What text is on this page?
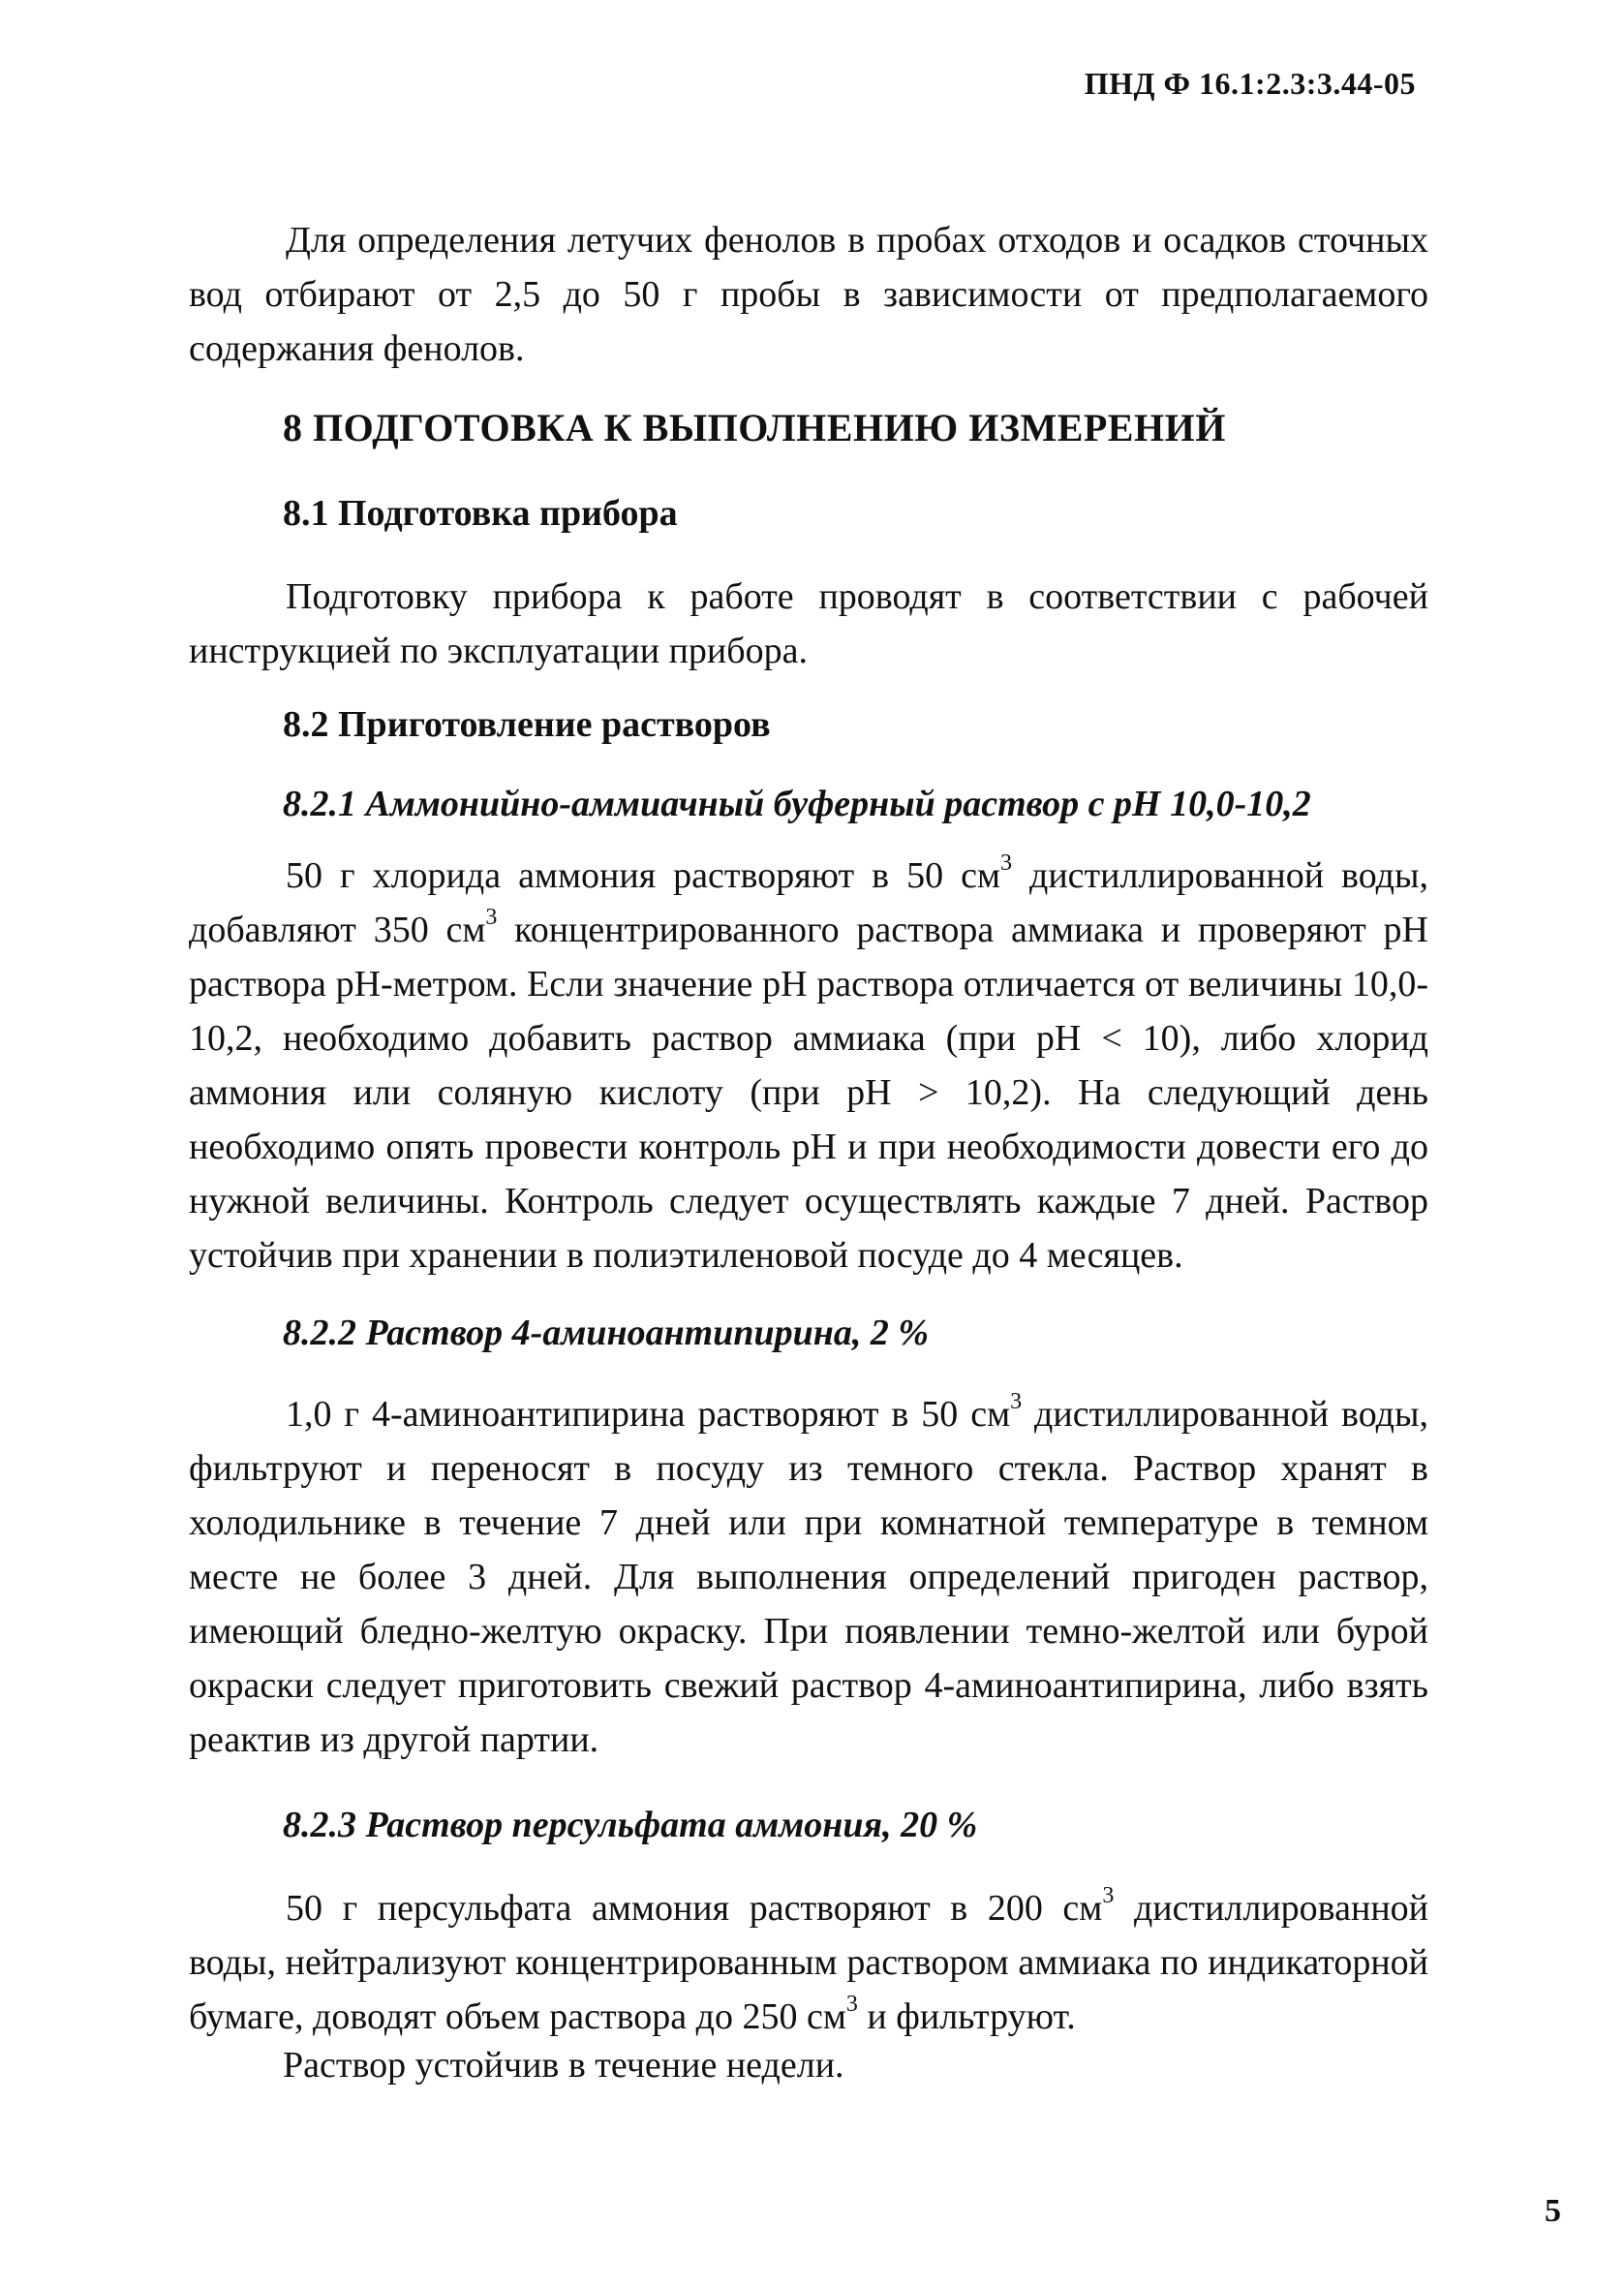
ПНД Ф 16.1:2.3:3.44-05
Для определения летучих фенолов в пробах отходов и осадков сточных вод отбирают от 2,5 до 50 г пробы в зависимости от предполагаемого содержания фенолов.
8 ПОДГОТОВКА К ВЫПОЛНЕНИЮ ИЗМЕРЕНИЙ
8.1 Подготовка прибора
Подготовку прибора к работе проводят в соответствии с рабочей инструкцией по эксплуатации прибора.
8.2 Приготовление растворов
8.2.1 Аммонийно-аммиачный буферный раствор с pH 10,0-10,2
50 г хлорида аммония растворяют в 50 $см^3$ дистиллированной воды, добавляют 350 $см^3$ концентрированного раствора аммиака и проверяют pH раствора pH-метром. Если значение pH раствора отличается от величины 10,0-10,2, необходимо добавить раствор аммиака (при pH < 10), либо хлорид аммония или соляную кислоту (при pH > 10,2). На следующий день необходимо опять провести контроль pH и при необходимости довести его до нужной величины. Контроль следует осуществлять каждые 7 дней. Раствор устойчив при хранении в полиэтиленовой посуде до 4 месяцев.
8.2.2 Раствор 4-аминоантипирина, 2 %
1,0 г 4-аминоантипирина растворяют в 50 $см^3$ дистиллированной воды, фильтруют и переносят в посуду из темного стекла. Раствор хранят в холодильнике в течение 7 дней или при комнатной температуре в темном месте не более 3 дней. Для выполнения определений пригоден раствор, имеющий бледно-желтую окраску. При появлении темно-желтой или бурой окраски следует приготовить свежий раствор 4-аминоантипирина, либо взять реактив из другой партии.
8.2.3 Раствор персульфата аммония, 20 %
50 г персульфата аммония растворяют в 200 $см^3$ дистиллированной воды, нейтрализуют концентрированным раствором аммиака по индикаторной бумаге, доводят объем раствора до 250 $см^3$ и фильтруют.
Раствор устойчив в течение недели.
5
